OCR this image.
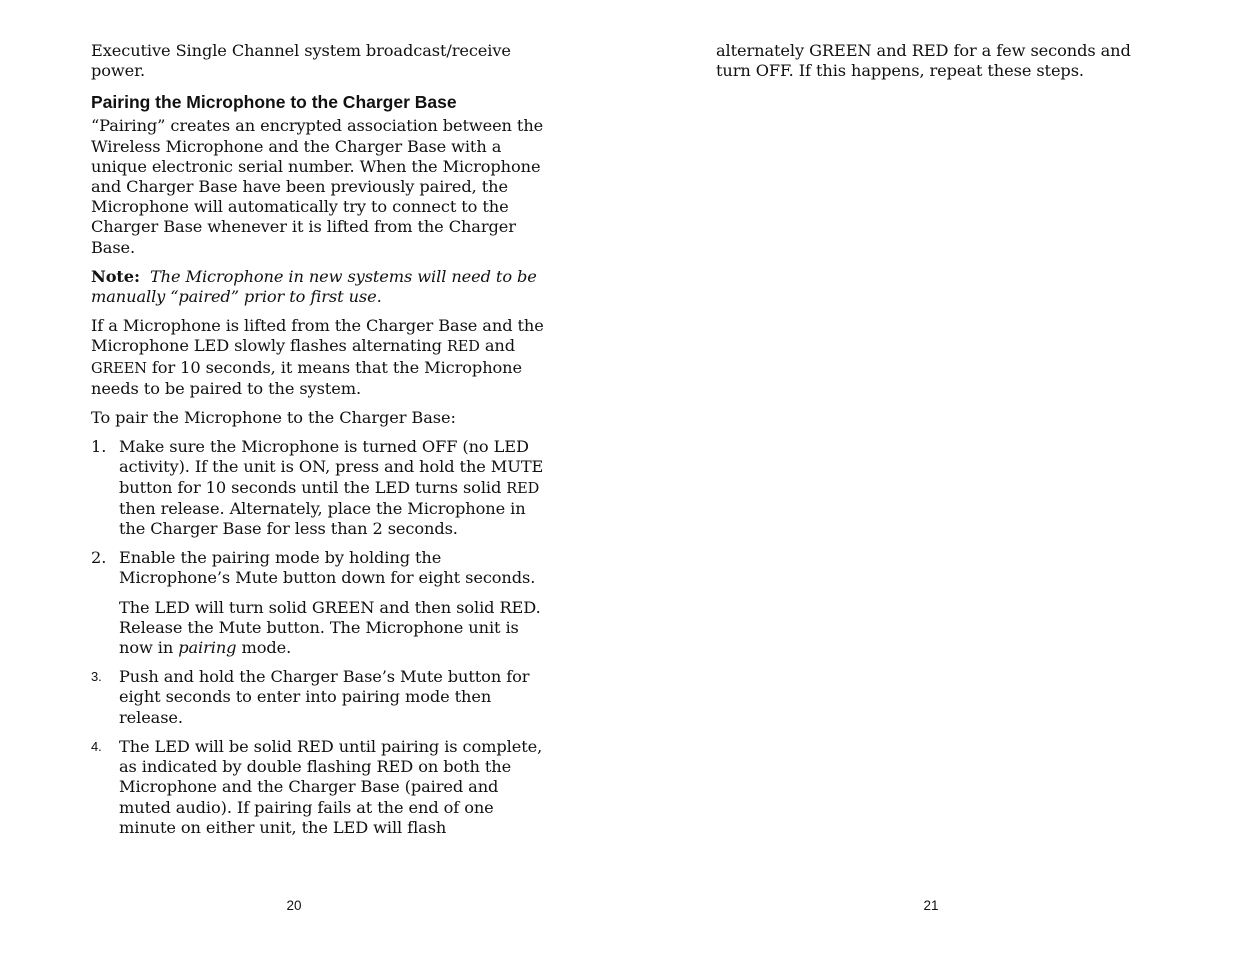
Executive Single Channel system broadcast/receive power.

Pairing the Microphone to the Charger Base

“Pairing” creates an encrypted association between the Wireless Microphone and the Charger Base with a unique electronic serial number. When the Microphone and Charger Base have been previously paired, the Microphone will automatically try to connect to the Charger Base whenever it is lifted from the Charger Base.

Note: The Microphone in new systems will need to be manually “paired” prior to first use.

If a Microphone is lifted from the Charger Base and the Microphone LED slowly flashes alternating RED and GREEN for 10 seconds, it means that the Microphone needs to be paired to the system.

To pair the Microphone to the Charger Base:

1. Make sure the Microphone is turned OFF (no LED activity). If the unit is ON, press and hold the MUTE button for 10 seconds until the LED turns solid RED then release. Alternately, place the Microphone in the Charger Base for less than 2 seconds.
2. Enable the pairing mode by holding the Microphone’s Mute button down for eight seconds.

The LED will turn solid GREEN and then solid RED. Release the Mute button. The Microphone unit is now in pairing mode.

3. Push and hold the Charger Base’s Mute button for eight seconds to enter into pairing mode then release.
4. The LED will be solid RED until pairing is complete, as indicated by double flashing RED on both the Microphone and the Charger Base (paired and muted audio). If pairing fails at the end of one minute on either unit, the LED will flash
20

alternately GREEN and RED for a few seconds and turn OFF. If this happens, repeat these steps.

21
